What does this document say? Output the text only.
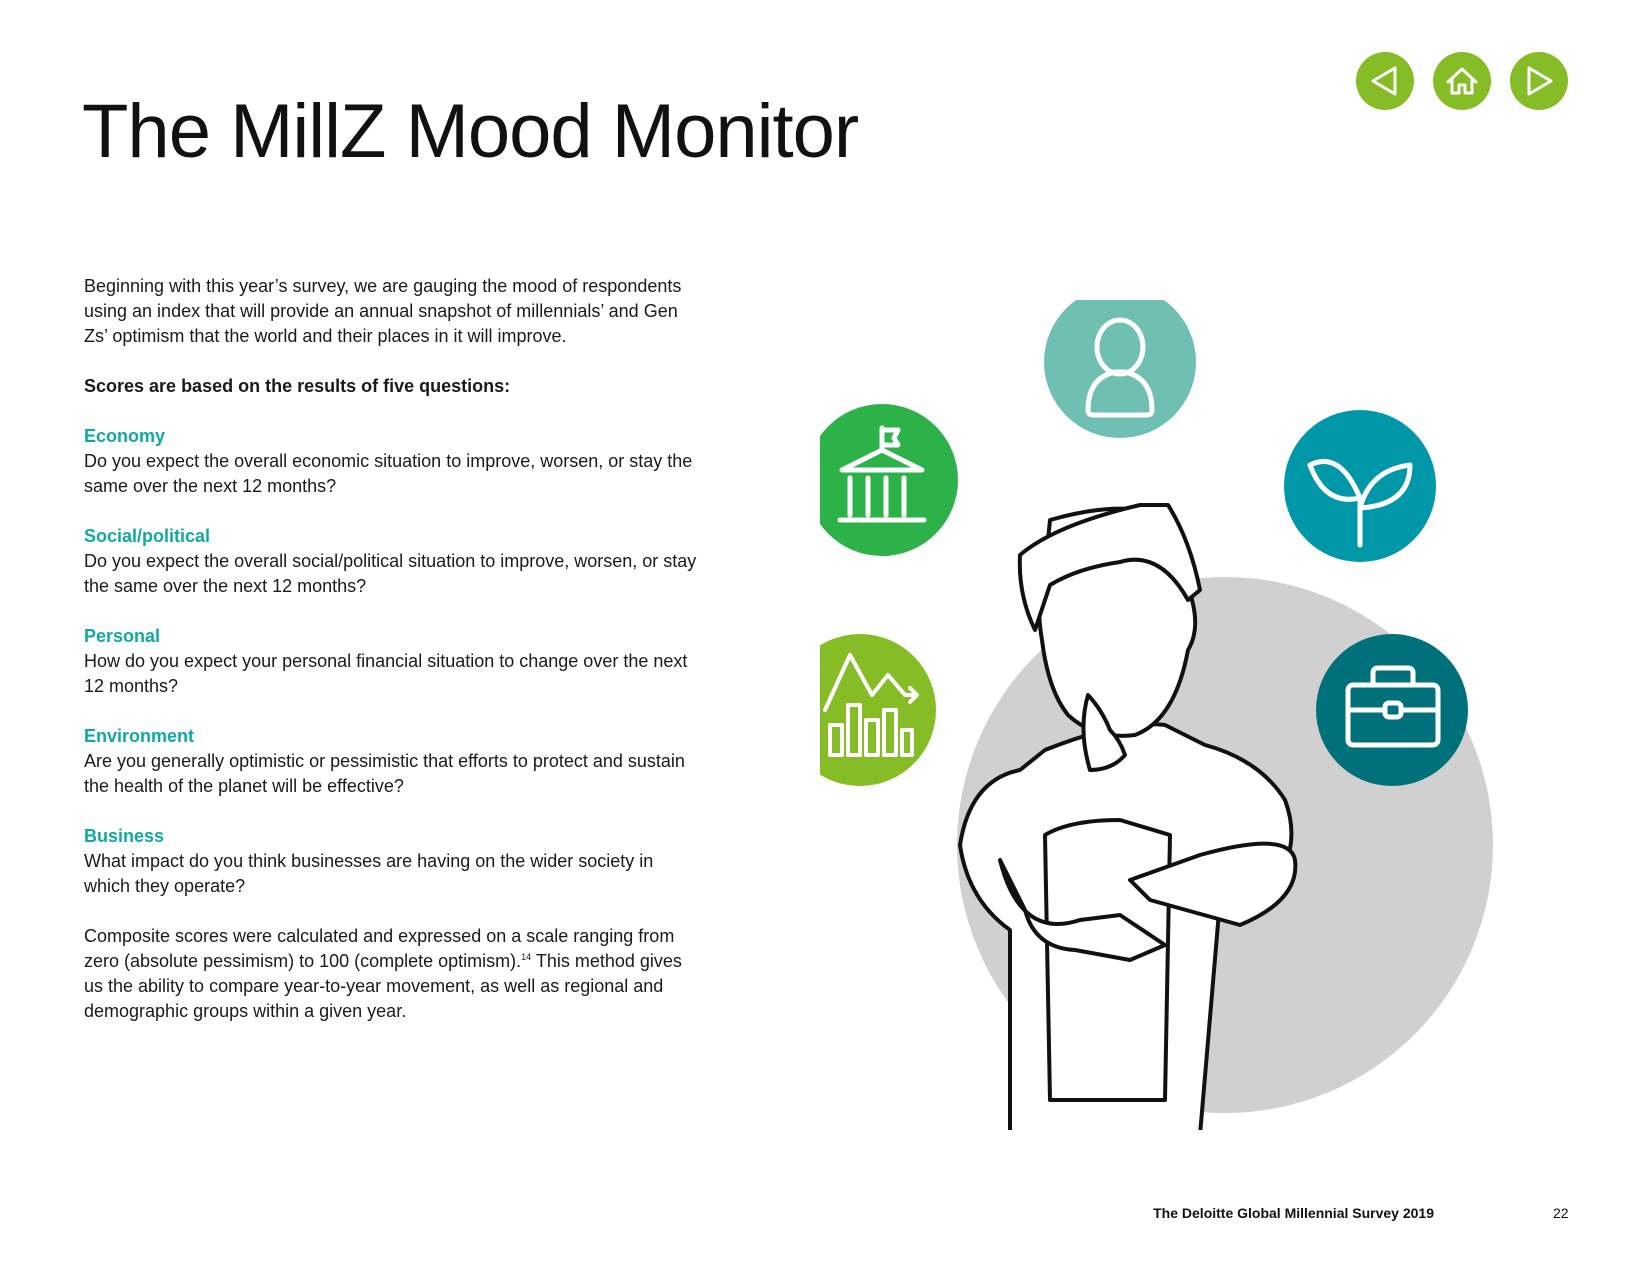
The MillZ Mood Monitor

Beginning with this year’s survey, we are gauging the mood of respondents using an index that will provide an annual snapshot of millennials’ and Gen Zs’ optimism that the world and their places in it will improve.

Scores are based on the results of five questions:

Economy
Do you expect the overall economic situation to improve, worsen, or stay the same over the next 12 months?
Social/political
Do you expect the overall social/political situation to improve, worsen, or stay the same over the next 12 months?
Personal
How do you expect your personal financial situation to change over the next 12 months?
Environment
Are you generally optimistic or pessimistic that efforts to protect and sustain the health of the planet will be effective?
Business
What impact do you think businesses are having on the wider society in which they operate?

Composite scores were calculated and expressed on a scale ranging from zero (absolute pessimism) to 100 (complete optimism).$^{14}$ This method gives us the ability to compare year-to-year movement, as well as regional and demographic groups within a given year.

The Deloitte Global Millennial Survey 2019	22
